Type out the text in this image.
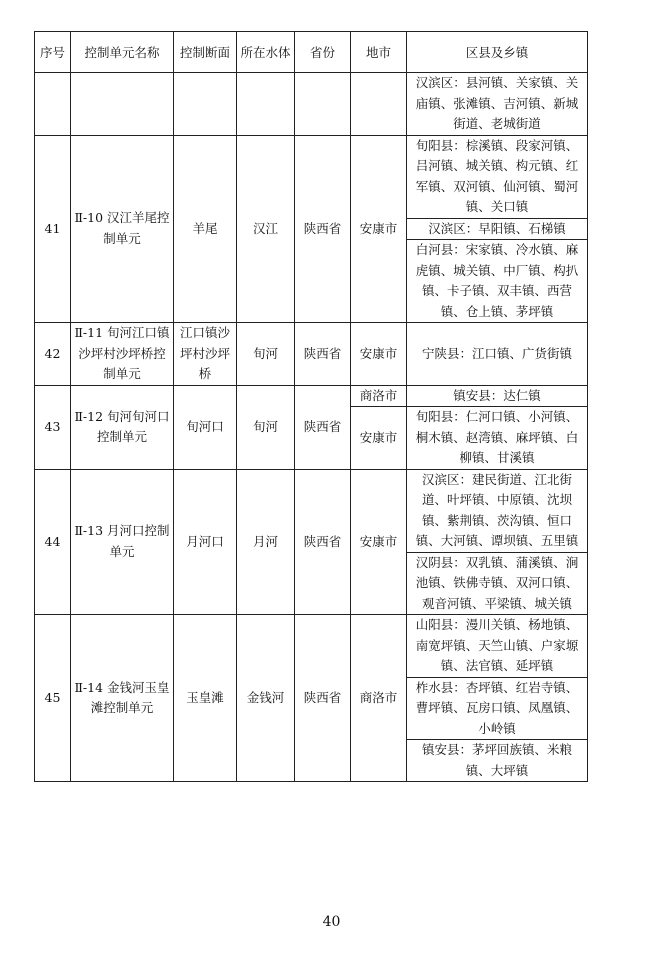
序号	控制单元名称	控制断面	所在水体	省份	地市	区县及乡镇
						汉滨区：县河镇、关家镇、关庙镇、张滩镇、吉河镇、新城街道、老城街道
41	Ⅱ-10 汉江羊尾控制单元	羊尾	汉江	陕西省	安康市	旬阳县：棕溪镇、段家河镇、吕河镇、城关镇、构元镇、红军镇、双河镇、仙河镇、蜀河镇、关口镇
						汉滨区：早阳镇、石梯镇
						白河县：宋家镇、冷水镇、麻虎镇、城关镇、中厂镇、构扒镇、卡子镇、双丰镇、西营镇、仓上镇、茅坪镇
42	Ⅱ-11 旬河江口镇沙坪村沙坪桥控制单元	江口镇沙坪村沙坪桥	旬河	陕西省	安康市	宁陕县：江口镇、广货街镇
43	Ⅱ-12 旬河旬河口控制单元	旬河口	旬河	陕西省	商洛市	镇安县：达仁镇
					安康市	旬阳县：仁河口镇、小河镇、桐木镇、赵湾镇、麻坪镇、白柳镇、甘溪镇
44	Ⅱ-13 月河口控制单元	月河口	月河	陕西省	安康市	汉滨区：建民街道、江北街道、叶坪镇、中原镇、沈坝镇、紫荆镇、茨沟镇、恒口镇、大河镇、谭坝镇、五里镇
						汉阴县：双乳镇、蒲溪镇、涧池镇、铁佛寺镇、双河口镇、观音河镇、平梁镇、城关镇
45	Ⅱ-14 金钱河玉皇滩控制单元	玉皇滩	金钱河	陕西省	商洛市	山阳县：漫川关镇、杨地镇、南宽坪镇、天竺山镇、户家塬镇、法官镇、延坪镇
						柞水县：杏坪镇、红岩寺镇、曹坪镇、瓦房口镇、凤凰镇、小岭镇
						镇安县：茅坪回族镇、米粮镇、大坪镇
40
